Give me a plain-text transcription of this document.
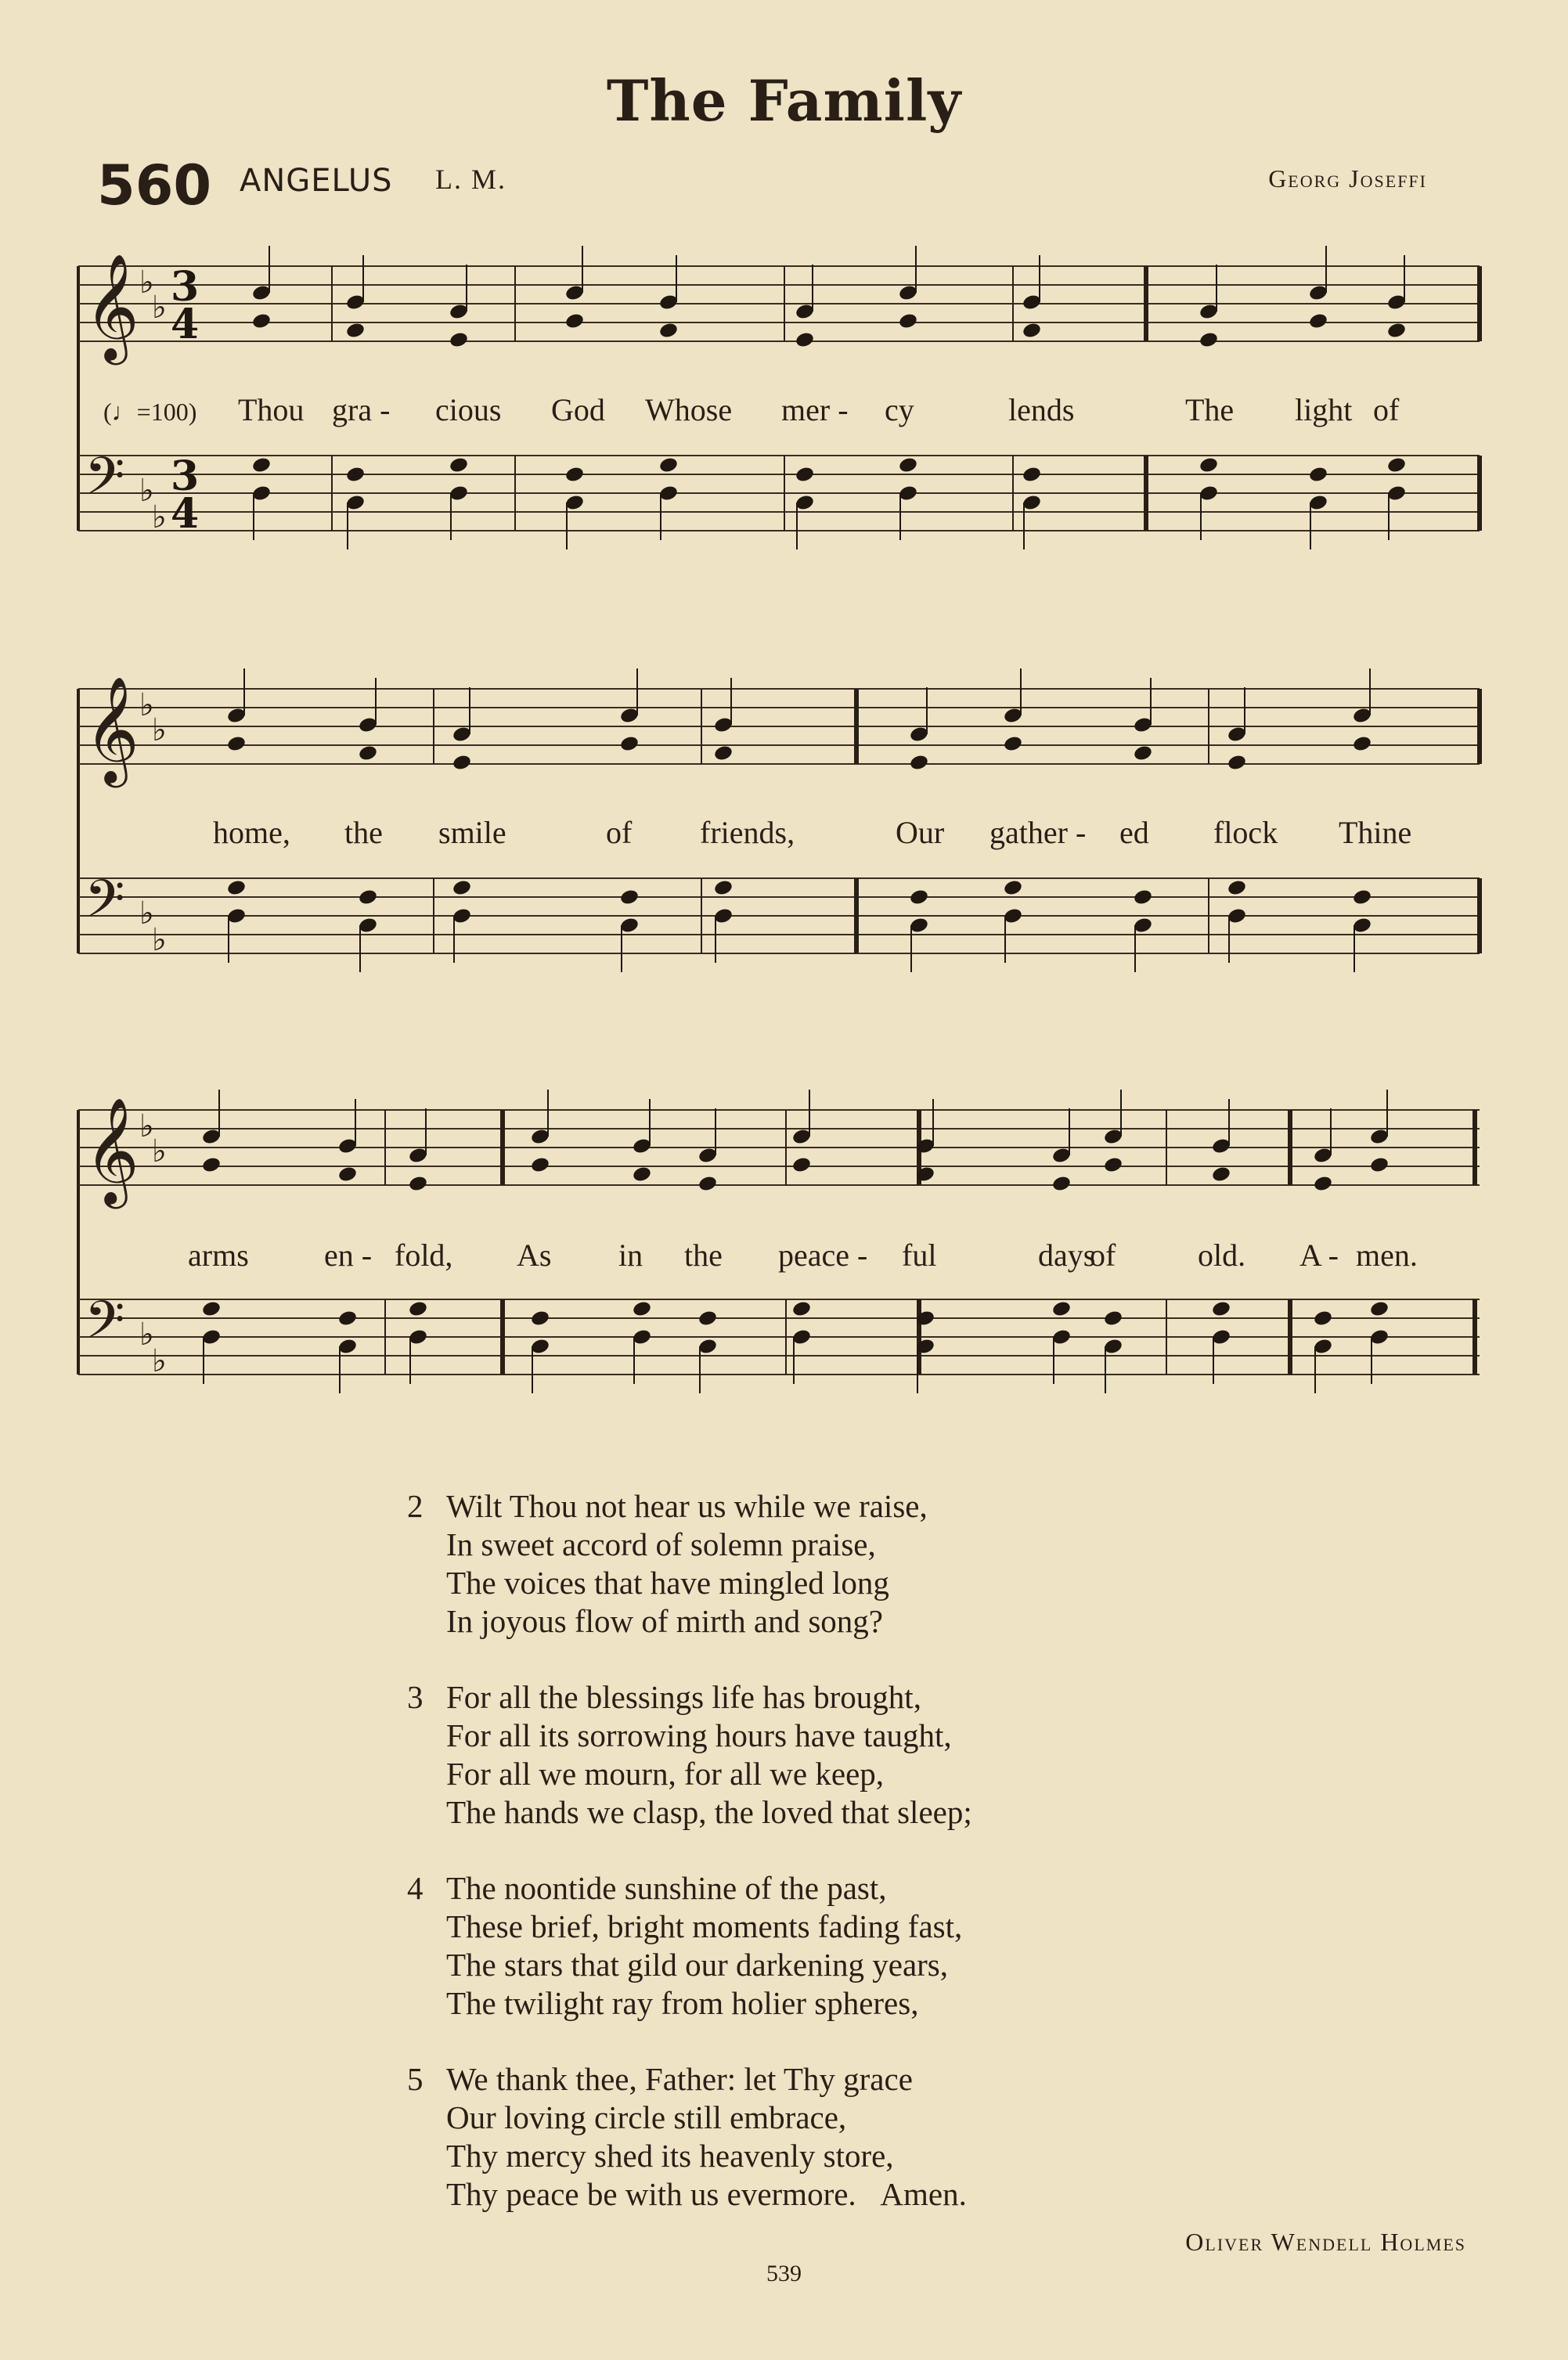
The Family
560 ANGELUS L. M.	Georg Joseffi
𝄞 ♭
♭
𝄢 ♭
♭
3
4
3
4
(♩=100) Thou gra - cious God Whose mer - cy	lends	The light of
𝄞 ♭
♭
𝄢 ♭
♭
home, the smile	of friends,	Our gather - ed flock Thine
𝄞 ♭
♭
𝄢 ♭
♭
arms en - fold, As in the peace - ful	days
of	old. A - men.
2 Wilt Thou not hear us while we raise,
In sweet accord of solemn praise,
The voices that have mingled long
In joyous flow of mirth and song?
3 For all the blessings life has brought,
For all its sorrowing hours have taught,
For all we mourn, for all we keep,
The hands we clasp, the loved that sleep;
4 The noontide sunshine of the past,
These brief, bright moments fading fast,
The stars that gild our darkening years,
The twilight ray from holier spheres,
5 We thank thee, Father: let Thy grace
Our loving circle still embrace,
Thy mercy shed its heavenly store,
Thy peace be with us evermore.   Amen.
Oliver Wendell Holmes
539
